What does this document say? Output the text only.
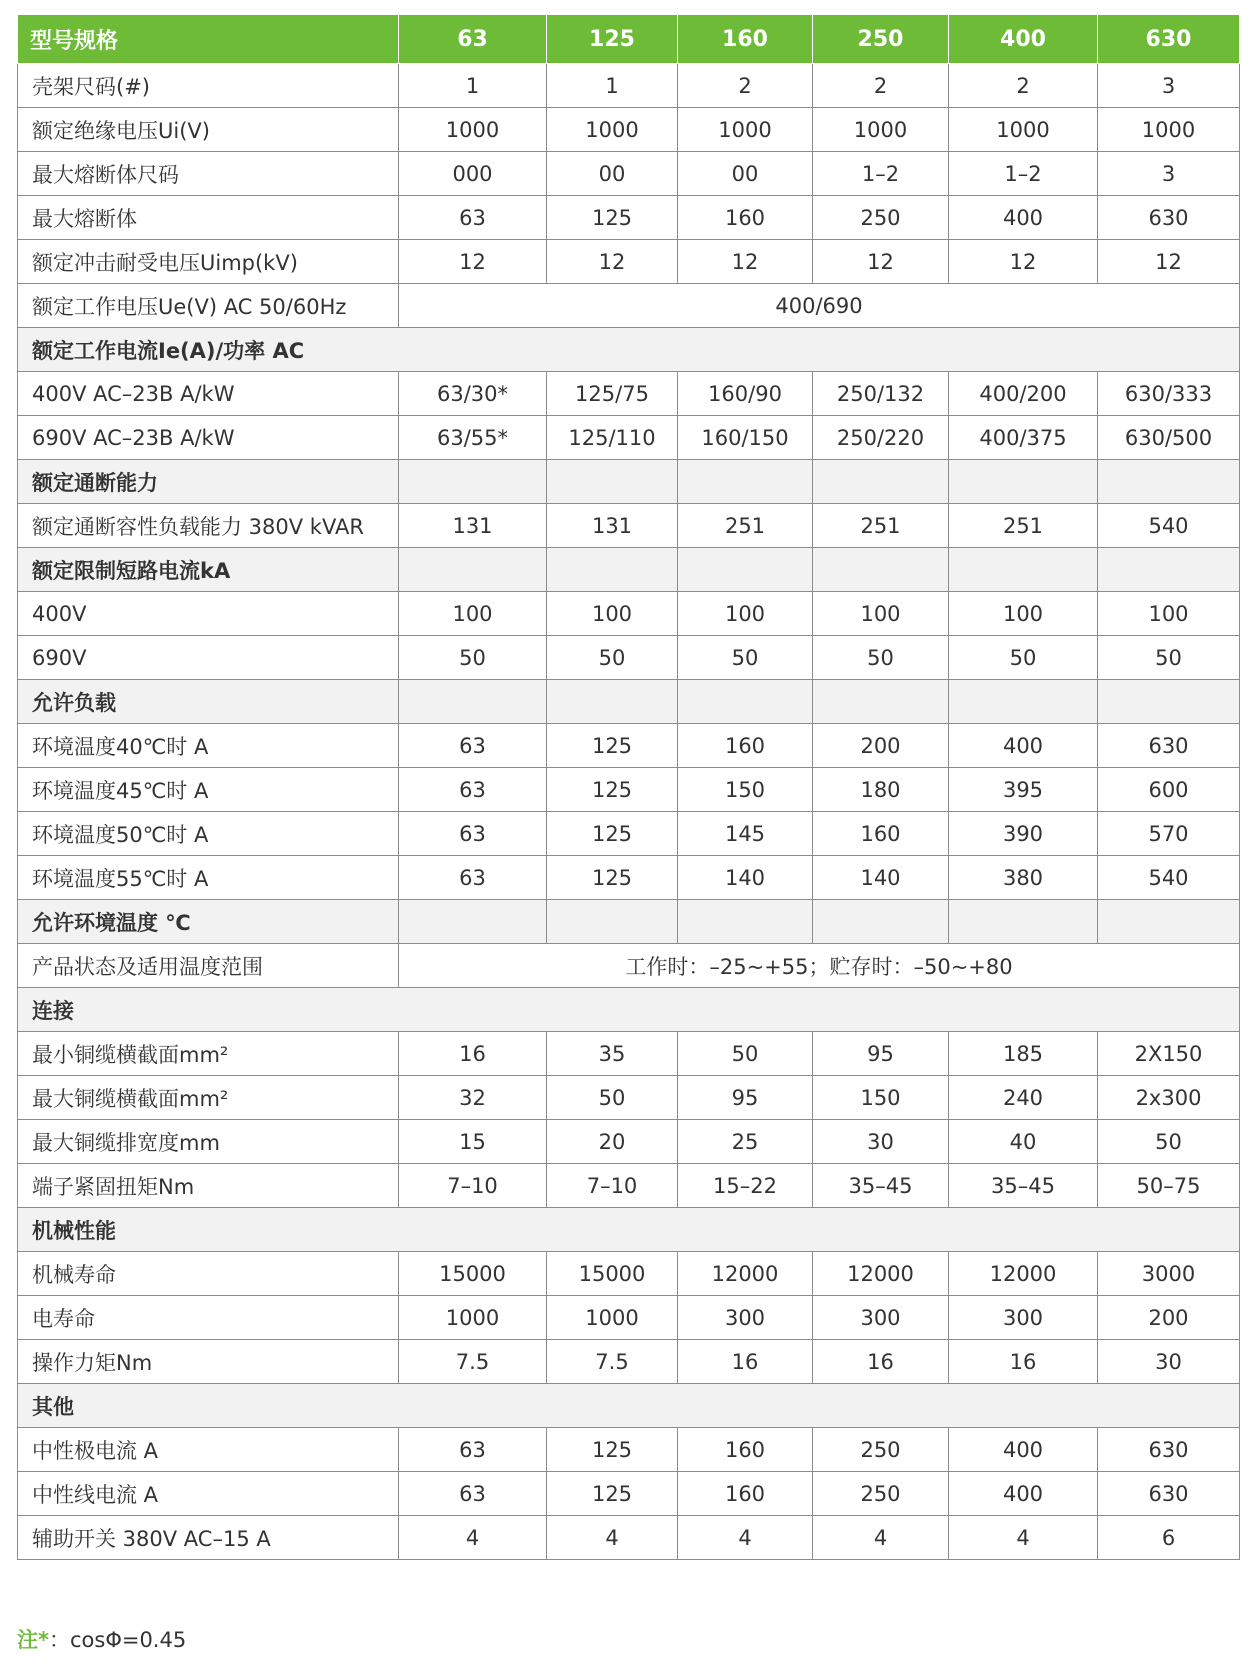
型号规格	63	125	160	250	400	630
壳架尺码(#)	1	1	2	2	2	3
额定绝缘电压Ui(V)	1000	1000	1000	1000	1000	1000
最大熔断体尺码	000	00	00	1–2	1–2	3
最大熔断体	63	125	160	250	400	630
额定冲击耐受电压Uimp(kV)	12	12	12	12	12	12
额定工作电压Ue(V) AC 50/60Hz	400/690					
额定工作电流Ie(A)/功率 AC						
400V AC–23B A/kW	63/30*	125/75	160/90	250/132	400/200	630/333
690V AC–23B A/kW	63/55*	125/110	160/150	250/220	400/375	630/500
额定通断能力						
额定通断容性负载能力 380V kVAR	131	131	251	251	251	540
额定限制短路电流kA						
400V	100	100	100	100	100	100
690V	50	50	50	50	50	50
允许负载						
环境温度40℃时 A	63	125	160	200	400	630
环境温度45℃时 A	63	125	150	180	395	600
环境温度50℃时 A	63	125	145	160	390	570
环境温度55℃时 A	63	125	140	140	380	540
允许环境温度 ℃						
产品状态及适用温度范围	工作时：–25~+55；贮存时：–50~+80					
连接						
最小铜缆横截面mm²	16	35	50	95	185	2X150
最大铜缆横截面mm²	32	50	95	150	240	2x300
最大铜缆排宽度mm	15	20	25	30	40	50
端子紧固扭矩Nm	7–10	7–10	15–22	35–45	35–45	50–75
机械性能						
机械寿命	15000	15000	12000	12000	12000	3000
电寿命	1000	1000	300	300	300	200
操作力矩Nm	7.5	7.5	16	16	16	30
其他						
中性极电流 A	63	125	160	250	400	630
中性线电流 A	63	125	160	250	400	630
辅助开关 380V AC–15 A	4	4	4	4	4	6
注*：cosΦ=0.45
